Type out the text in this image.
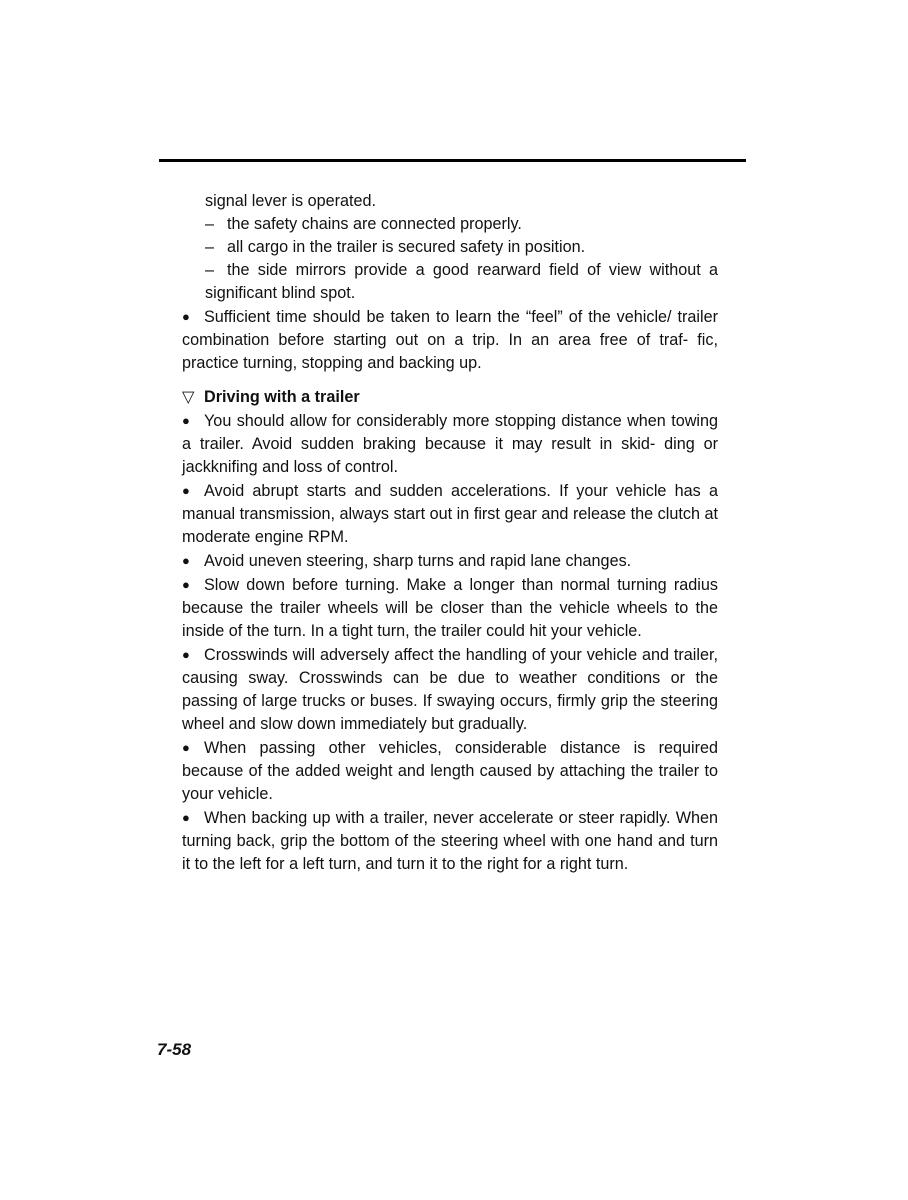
signal lever is operated.

– the safety chains are connected properly.

– all cargo in the trailer is secured safety in position.

– the side mirrors provide a good rearward field of view without a significant blind spot.

● Sufficient time should be taken to learn the “feel” of the vehicle/ trailer combination before starting out on a trip. In an area free of traf- fic, practice turning, stopping and backing up.

▽ Driving with a trailer

● You should allow for considerably more stopping distance when towing a trailer. Avoid sudden braking because it may result in skid- ding or jackknifing and loss of control.

● Avoid abrupt starts and sudden accelerations. If your vehicle has a manual transmission, always start out in first gear and release the clutch at moderate engine RPM.

● Avoid uneven steering, sharp turns and rapid lane changes.

● Slow down before turning. Make a longer than normal turning radius because the trailer wheels will be closer than the vehicle wheels to the inside of the turn. In a tight turn, the trailer could hit your vehicle.

● Crosswinds will adversely affect the handling of your vehicle and trailer, causing sway. Crosswinds can be due to weather conditions or the passing of large trucks or buses. If swaying occurs, firmly grip the steering wheel and slow down immediately but gradually.

● When passing other vehicles, considerable distance is required because of the added weight and length caused by attaching the trailer to your vehicle.

● When backing up with a trailer, never accelerate or steer rapidly. When turning back, grip the bottom of the steering wheel with one hand and turn it to the left for a left turn, and turn it to the right for a right turn.

7-58
